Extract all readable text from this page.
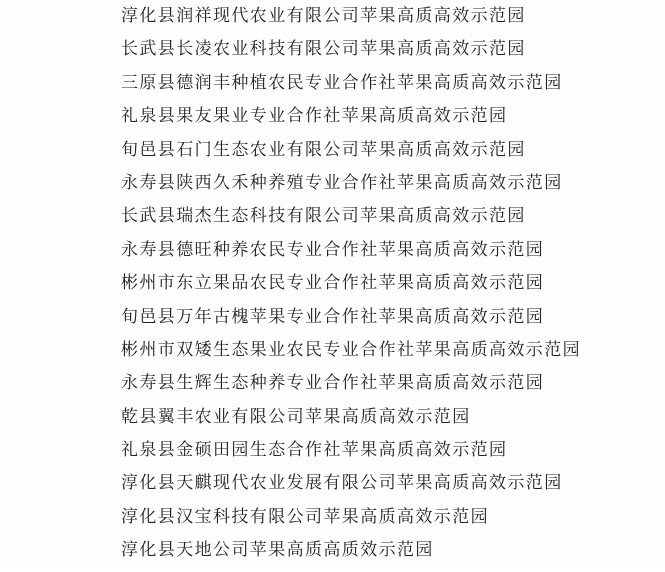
淳化县润祥现代农业有限公司苹果高质高效示范园
长武县长凌农业科技有限公司苹果高质高效示范园
三原县德润丰种植农民专业合作社苹果高质高效示范园
礼泉县果友果业专业合作社苹果高质高效示范园
旬邑县石门生态农业有限公司苹果高质高效示范园
永寿县陕西久禾种养殖专业合作社苹果高质高效示范园
长武县瑞杰生态科技有限公司苹果高质高效示范园
永寿县德旺种养农民专业合作社苹果高质高效示范园
彬州市东立果品农民专业合作社苹果高质高效示范园
旬邑县万年古槐苹果专业合作社苹果高质高效示范园
彬州市双矮生态果业农民专业合作社苹果高质高效示范园
永寿县生辉生态种养专业合作社苹果高质高效示范园
乾县翼丰农业有限公司苹果高质高效示范园
礼泉县金硕田园生态合作社苹果高质高效示范园
淳化县天麒现代农业发展有限公司苹果高质高效示范园
淳化县汉宝科技有限公司苹果高质高效示范园
淳化县天地公司苹果高质高质效示范园
